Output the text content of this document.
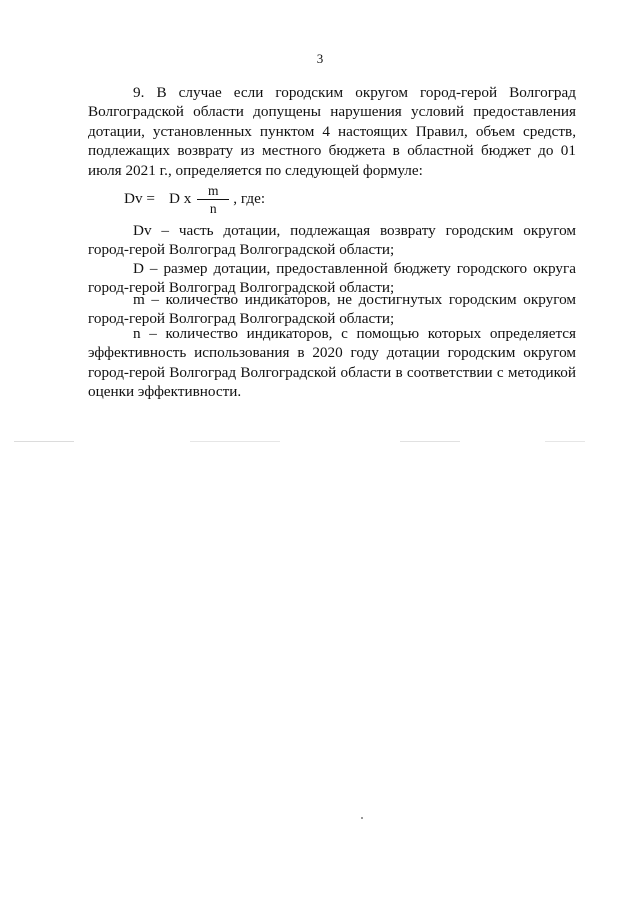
3

9. В случае если городским округом город-герой Волгоград Волгоградской области допущены нарушения условий предоставления дотации, установленных пунктом 4 настоящих Правил, объем средств, подлежащих возврату из местного бюджета в областной бюджет до 01 июля 2021 г., определяется по следующей формуле:

Dv = D x $\frac{m}{n}$ , где:

Dv – часть дотации, подлежащая возврату городским округом город-герой Волгоград Волгоградской области;

D – размер дотации, предоставленной бюджету городского округа город-герой Волгоград Волгоградской области;

m – количество индикаторов, не достигнутых городским округом город-герой Волгоград Волгоградской области;

n – количество индикаторов, с помощью которых определяется эффективность использования в 2020 году дотации городским округом город-герой Волгоград Волгоградской области в соответствии с методикой оценки эффективности.
